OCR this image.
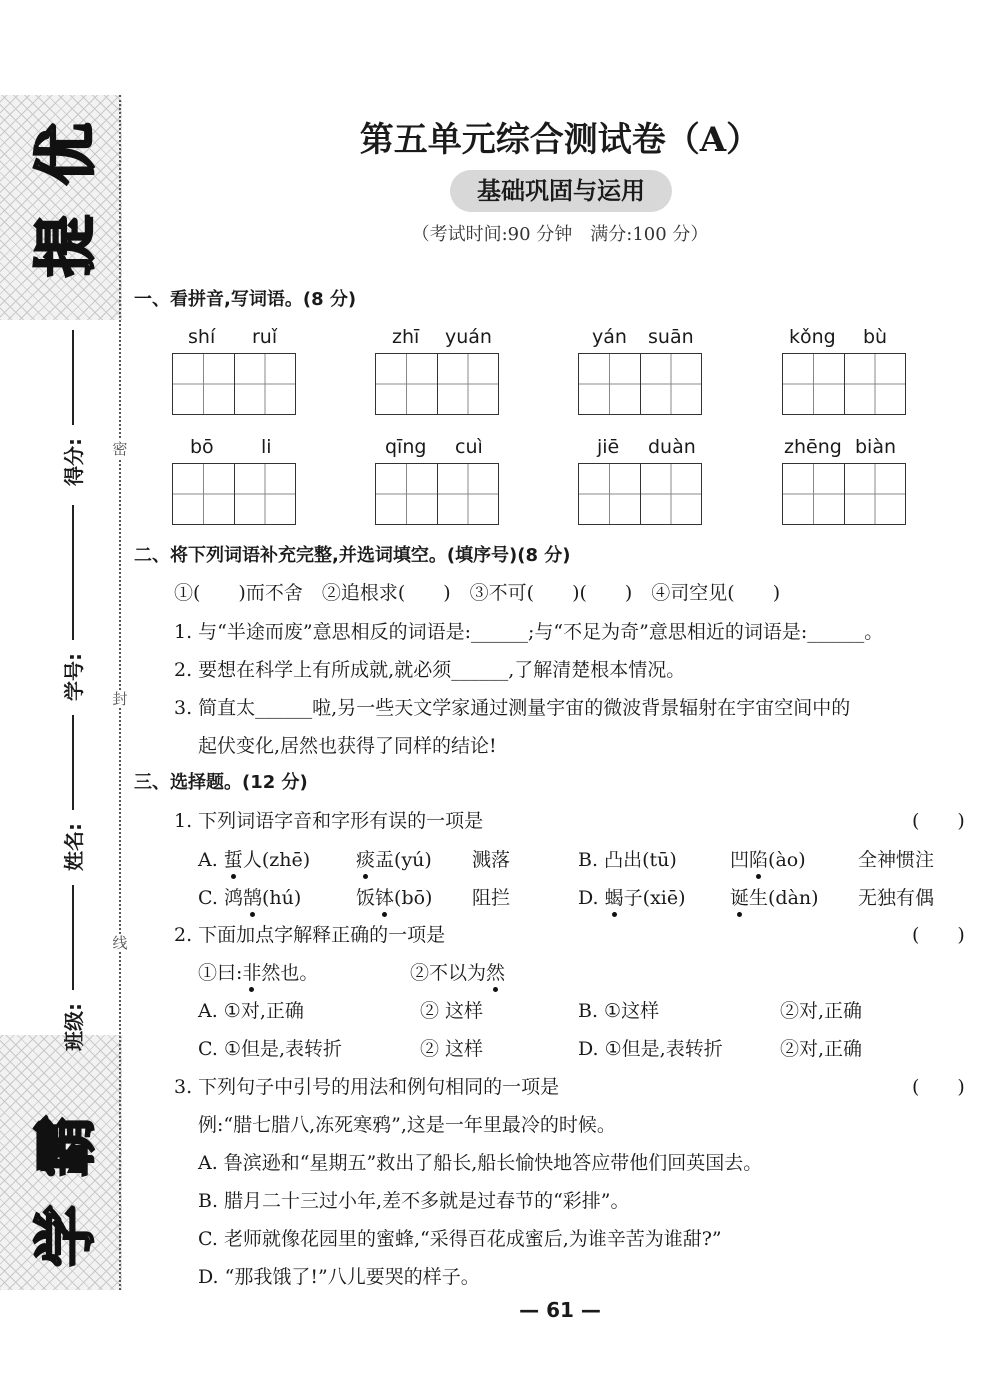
优
提
霸
学
得分:
学号:
姓名:
班级:
密
封
线
第五单元综合测试卷（A）
基础巩固与运用
（考试时间:90 分钟　满分:100 分）
一、看拼音,写词语。(8 分)
shí ruǐ	zhī yuán	yán suān	kǒng bù
bō li	qīng cuì	jiē duàn	zhēng biàn
二、将下列词语补充完整,并选词填空。(填序号)(8 分)
①(　　)而不舍　②追根求(　　)　③不可(　　)(　　)　④司空见(　　)
1. 与“半途而废”意思相反的词语是:______;与“不足为奇”意思相近的词语是:______。
2. 要想在科学上有所成就,就必须______,了解清楚根本情况。
3. 简直太______啦,另一些天文学家通过测量宇宙的微波背景辐射在宇宙空间中的
起伏变化,居然也获得了同样的结论!
三、选择题。(12 分)
1. 下列词语字音和字形有误的一项是	(　　)
A. 蜇人(zhē) 痰盂(yú) 溅落	B. 凸出(tū)	凹陷(ào)	全神惯注
C. 鸿鹄(hú)	饭钵(bō) 阻拦	D. 蝎子(xiē) 诞生(dàn) 无独有偶
2. 下面加点字解释正确的一项是	(　　)
①曰:非然也。	②不以为然
A. ①对,正确	② 这样	B. ①这样	②对,正确
C. ①但是,表转折	② 这样	D. ①但是,表转折	②对,正确
3. 下列句子中引号的用法和例句相同的一项是	(　　)
例:“腊七腊八,冻死寒鸦”,这是一年里最冷的时候。
A. 鲁滨逊和“星期五”救出了船长,船长愉快地答应带他们回英国去。
B. 腊月二十三过小年,差不多就是过春节的“彩排”。
C. 老师就像花园里的蜜蜂,“采得百花成蜜后,为谁辛苦为谁甜?”
D. “那我饿了!”八儿要哭的样子。
— 61 —
